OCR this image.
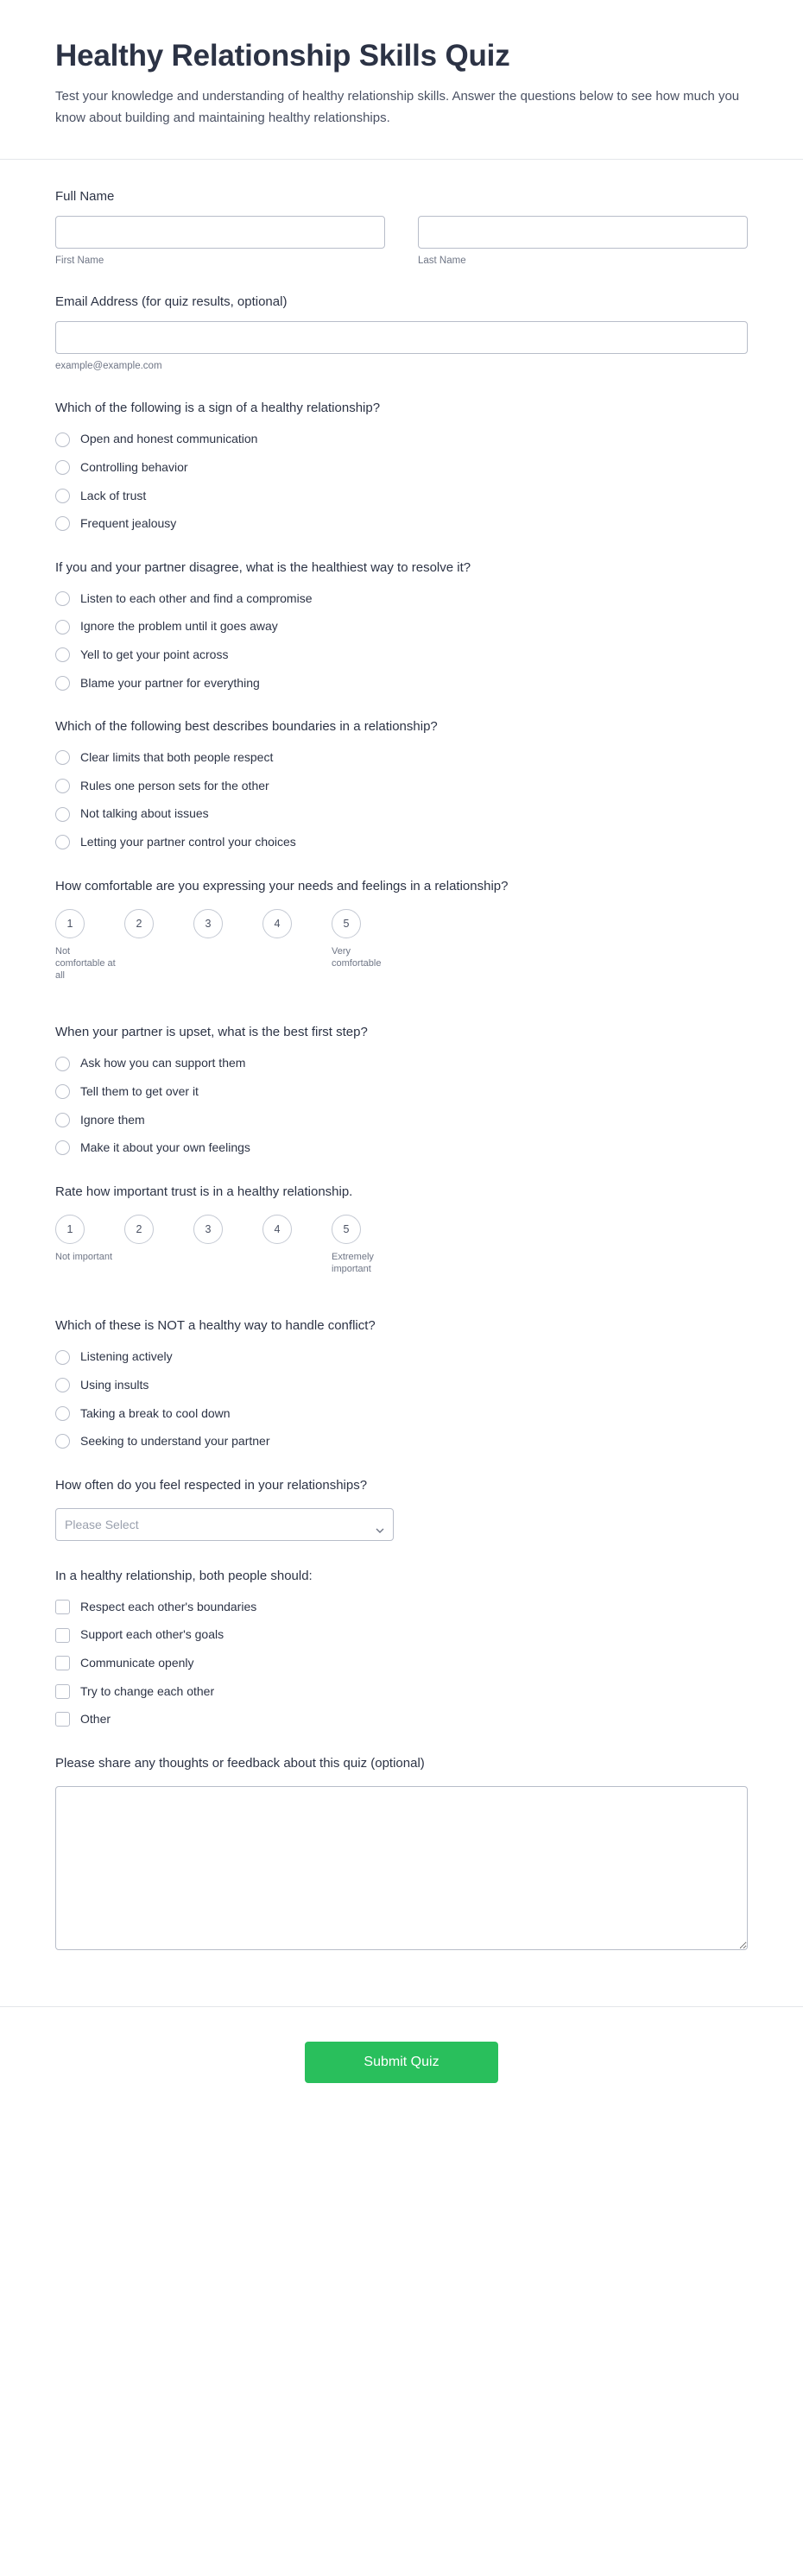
Healthy Relationship Skills Quiz

Test your knowledge and understanding of healthy relationship skills. Answer the questions below to see how much you know about building and maintaining healthy relationships.

Full Name
First Name	Last Name
Email Address (for quiz results, optional)
example@example.com
Which of the following is a sign of a healthy relationship?
Open and honest communication
Controlling behavior
Lack of trust
Frequent jealousy
If you and your partner disagree, what is the healthiest way to resolve it?
Listen to each other and find a compromise
Ignore the problem until it goes away
Yell to get your point across
Blame your partner for everything
Which of the following best describes boundaries in a relationship?
Clear limits that both people respect
Rules one person sets for the other
Not talking about issues
Letting your partner control your choices
How comfortable are you expressing your needs and feelings in a relationship?
1
Not comfortable at all
2	3	4	5
Very comfortable
When your partner is upset, what is the best first step?
Ask how you can support them
Tell them to get over it
Ignore them
Make it about your own feelings
Rate how important trust is in a healthy relationship.
1
Not important
2	3	4	5
Extremely important
Which of these is NOT a healthy way to handle conflict?
Listening actively
Using insults
Taking a break to cool down
Seeking to understand your partner
How often do you feel respected in your relationships?
Please Select
In a healthy relationship, both people should:
Respect each other's boundaries
Support each other's goals
Communicate openly
Try to change each other
Other
Please share any thoughts or feedback about this quiz (optional)
Submit Quiz
